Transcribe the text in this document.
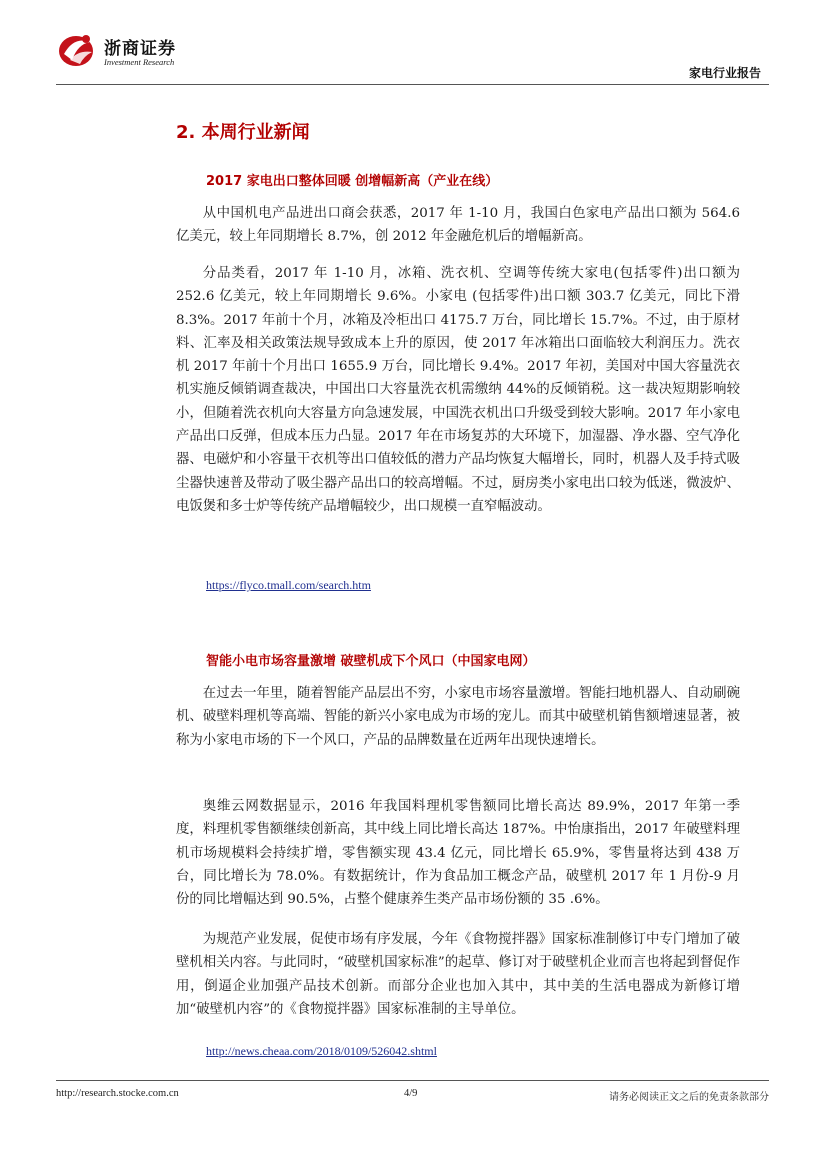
浙商证券
Investment Research
家电行业报告
2. 本周行业新闻
2017 家电出口整体回暖 创增幅新高（产业在线）

从中国机电产品进出口商会获悉，2017 年 1-10 月，我国白色家电产品出口额为 564.6 亿美元，较上年同期增长 8.7%，创 2012 年金融危机后的增幅新高。

分品类看，2017 年 1-10 月，冰箱、洗衣机、空调等传统大家电(包括零件)出口额为 252.6 亿美元，较上年同期增长 9.6%。小家电 (包括零件)出口额 303.7 亿美元，同比下滑 8.3%。2017 年前十个月，冰箱及冷柜出口 4175.7 万台，同比增长 15.7%。不过，由于原材料、汇率及相关政策法规导致成本上升的原因，使 2017 年冰箱出口面临较大利润压力。洗衣机 2017 年前十个月出口 1655.9 万台，同比增长 9.4%。2017 年初，美国对中国大容量洗衣机实施反倾销调查裁决，中国出口大容量洗衣机需缴纳 44%的反倾销税。这一裁决短期影响较小，但随着洗衣机向大容量方向急速发展，中国洗衣机出口升级受到较大影响。2017 年小家电产品出口反弹，但成本压力凸显。2017 年在市场复苏的大环境下，加湿器、净水器、空气净化器、电磁炉和小容量干衣机等出口值较低的潜力产品均恢复大幅增长，同时，机器人及手持式吸尘器快速普及带动了吸尘器产品出口的较高增幅。不过，厨房类小家电出口较为低迷，微波炉、电饭煲和多士炉等传统产品增幅较少，出口规模一直窄幅波动。

https://flyco.tmall.com/search.htm
智能小电市场容量激增 破壁机成下个风口（中国家电网）

在过去一年里，随着智能产品层出不穷，小家电市场容量激增。智能扫地机器人、自动刷碗机、破壁料理机等高端、智能的新兴小家电成为市场的宠儿。而其中破壁机销售额增速显著，被称为小家电市场的下一个风口，产品的品牌数量在近两年出现快速增长。

奥维云网数据显示，2016 年我国料理机零售额同比增长高达 89.9%，2017 年第一季度，料理机零售额继续创新高，其中线上同比增长高达 187%。中怡康指出，2017 年破壁料理机市场规模料会持续扩增，零售额实现 43.4 亿元，同比增长 65.9%，零售量将达到 438 万台，同比增长为 78.0%。有数据统计，作为食品加工概念产品，破壁机 2017 年 1 月份-9 月份的同比增幅达到 90.5%，占整个健康养生类产品市场份额的 35 .6%。

为规范产业发展，促使市场有序发展，今年《食物搅拌器》国家标准制修订中专门增加了破壁机相关内容。与此同时，“破壁机国家标准”的起草、修订对于破壁机企业而言也将起到督促作用，倒逼企业加强产品技术创新。而部分企业也加入其中，其中美的生活电器成为新修订增加“破壁机内容”的《食物搅拌器》国家标准制的主导单位。

http://news.cheaa.com/2018/0109/526042.shtml
http://research.stocke.com.cn	4/9	请务必阅读正文之后的免责条款部分
